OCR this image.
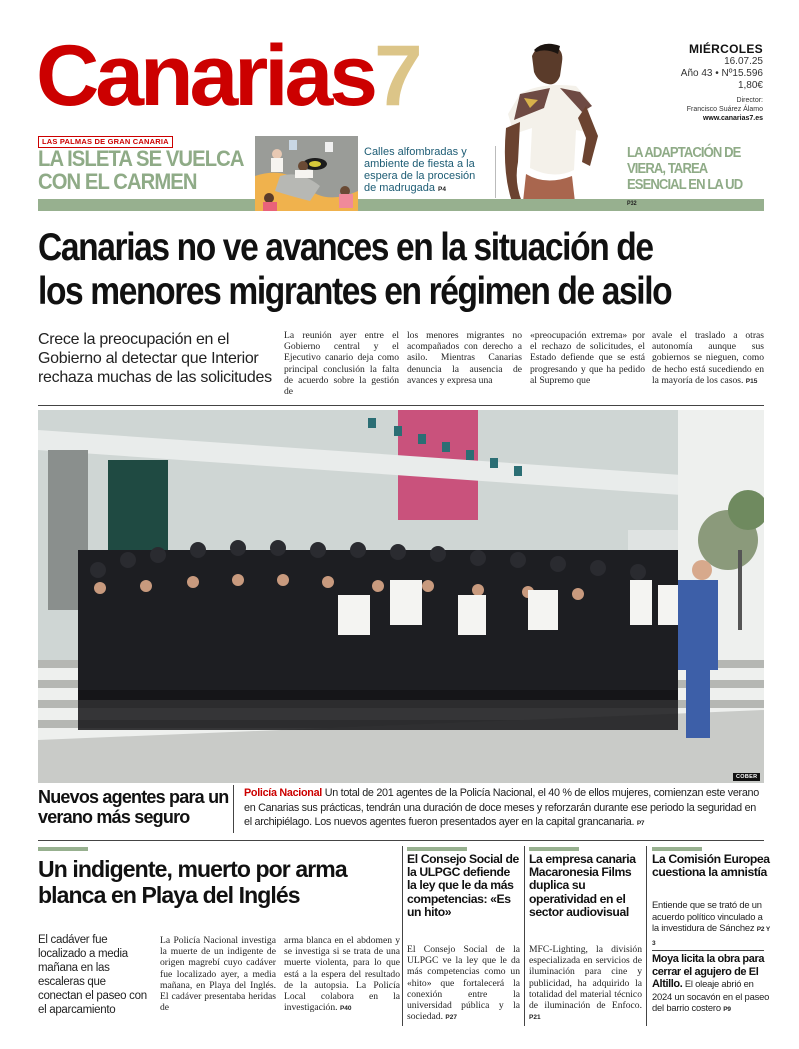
Canarias7	MIÉRCOLES
16.07.25
Año 43 • Nº15.596
1,80€
Director:
Francisco Suárez Álamo
www.canarias7.es
LAS PALMAS DE GRAN CANARIA
LA ISLETA SE VUELCA
CON EL CARMEN
Calles alfombradas y ambiente de fiesta a la espera de la procesión de madrugada P4
LA ADAPTACIÓN DE VIERA, TAREA ESENCIAL EN LA UD P32
Canarias no ve avances en la situación de
los menores migrantes en régimen de asilo
Crece la preocupación en el Gobierno al detectar que Interior rechaza muchas de las solicitudes
La reunión ayer entre el Gobierno central y el Ejecutivo canario deja como principal conclusión la falta de acuerdo sobre la gestión de
los menores migrantes no acompañados con derecho a asilo. Mientras Canarias denuncia la ausencia de avances y expresa una
«preocupación extrema» por el rechazo de solicitudes, el Estado defiende que se está progresando y que ha pedido al Supremo que
avale el traslado a otras autonomía aunque sus gobiernos se nieguen, como de hecho está sucediendo en la mayoría de los casos. P15
COBER
Nuevos agentes para un verano más seguro
Policía Nacional Un total de 201 agentes de la Policía Nacional, el 40 % de ellos mujeres, comienzan este verano en Canarias sus prácticas, tendrán una duración de doce meses y reforzarán durante ese periodo la seguridad en el archipiélago. Los nuevos agentes fueron presentados ayer en la capital grancanaria. P7
Un indigente, muerto por arma blanca en Playa del Inglés
El cadáver fue localizado a media mañana en las escaleras que conectan el paseo con el aparcamiento
La Policía Nacional investiga la muerte de un indigente de origen magrebí cuyo cadáver fue localizado ayer, a media mañana, en Playa del Inglés. El cadáver presentaba heridas de
arma blanca en el abdomen y se investiga si se trata de una muerte violenta, para lo que está a la espera del resultado de la autopsia. La Policía Local colabora en la investigación. P40
El Consejo Social de la ULPGC defiende la ley que le da más competencias: «Es un hito»
El Consejo Social de la ULPGC ve la ley que le da más competencias como un «hito» que fortalecerá la conexión entre la universidad pública y la sociedad. P27
La empresa canaria Macaronesia Films duplica su operatividad en el sector audiovisual
MFC-Lighting, la división especializada en servicios de iluminación para cine y publicidad, ha adquirido la totalidad del material técnico de iluminación de Enfoco. P21
La Comisión Europea cuestiona la amnistía
Entiende que se trató de un acuerdo político vinculado a la investidura de Sánchez P2 Y 3
Moya licita la obra para cerrar el agujero de El Altillo. El oleaje abrió en 2024 un socavón en el paseo del barrio costero P9
